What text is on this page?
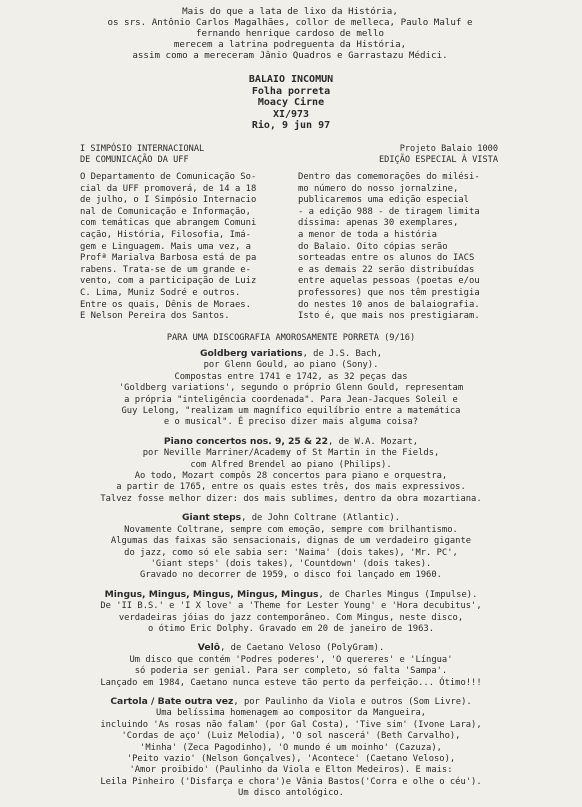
Mais do que a lata de lixo da História,
os srs. Antônio Carlos Magalhães, collor de melleca, Paulo Maluf e
fernando henrique cardoso de mello
merecem a latrina podreguenta da História,
assim como a mereceram Jânio Quadros e Garrastazu Médici.
BALAIO INCOMUN
Folha porreta
Moacy Cirne
XI/973
Rio, 9 jun 97
I SIMPÓSIO INTERNACIONAL
DE COMUNICAÇÃO DA UFF
Projeto Balaio 1000
EDIÇÃO ESPECIAL À VISTA
O Departamento de Comunicação So-
cial da UFF promoverá, de 14 a 18
de julho, o I Simpósio Internacio
nal de Comunicação e Informação,
com temáticas que abrangem Comuni
cação, História, Filosofia, Imá-
gem e Linguagem. Mais uma vez, a
Profª Marialva Barbosa está de pa
rabens. Trata-se de um grande e-
vento, com a participação de Luiz
C. Lima, Muniz Sodré e outros.
Entre os quais, Dênis de Moraes.
E Nelson Pereira dos Santos.
Dentro das comemorações do milési-
mo número do nosso jornalzine,
publicaremos uma edição especial
- a edição 988 - de tiragem limita
díssima: apenas 30 exemplares,
a menor de toda a história
do Balaio. Oito cópias serão
sorteadas entre os alunos do IACS
e as demais 22 serão distribuídas
entre aquelas pessoas (poetas e/ou
professores) que nos têm prestigia
do nestes 10 anos de balaiografia.
Isto é, que mais nos prestigiaram.
PARA UMA DISCOGRAFIA AMOROSAMENTE PORRETA (9/16)
Goldberg variations, de J.S. Bach,
por Glenn Gould, ao piano (Sony).
Compostas entre 1741 e 1742, as 32 peças das
'Goldberg variations', segundo o próprio Glenn Gould, representam
a própria "inteligência coordenada". Para Jean-Jacques Soleil e
Guy Lelong, "realizam um magnífico equilíbrio entre a matemática
e o musical". É preciso dizer mais alguma coisa?
Piano concertos nos. 9, 25 & 22, de W.A. Mozart,
por Neville Marriner/Academy of St Martin in the Fields,
com Alfred Brendel ao piano (Philips).
Ao todo, Mozart compôs 28 concertos para piano e orquestra,
a partir de 1765, entre os quais estes três, dos mais expressivos.
Talvez fosse melhor dizer: dos mais sublimes, dentro da obra mozartiana.
Giant steps, de John Coltrane (Atlantic).
Novamente Coltrane, sempre com emoção, sempre com brilhantismo.
Algumas das faixas são sensacionais, dignas de um verdadeiro gigante
do jazz, como só ele sabia ser: 'Naima' (dois takes), 'Mr. PC',
'Giant steps' (dois takes), 'Countdown' (dois takes).
Gravado no decorrer de 1959, o disco foi lançado em 1960.
Mingus, Mingus, Mingus, Mingus, Mingus, de Charles Mingus (Impulse).
De 'II B.S.' e 'I X love' a 'Theme for Lester Young' e 'Hora decubitus',
verdadeiras jóias do jazz contemporâneo. Com Mingus, neste disco,
o ótimo Eric Dolphy. Gravado em 20 de janeiro de 1963.
Velô, de Caetano Veloso (PolyGram).
Um disco que contém 'Podres poderes', 'O quereres' e 'Língua'
só poderia ser genial. Para ser completo, só falta 'Sampa'.
Lançado em 1984, Caetano nunca esteve tão perto da perfeição... Ótimo!!!
Cartola / Bate outra vez, por Paulinho da Viola e outros (Som Livre).
Uma belíssima homenagem ao compositor da Mangueira,
incluindo 'As rosas não falam' (por Gal Costa), 'Tive sim' (Ivone Lara),
'Cordas de aço' (Luiz Melodia), 'O sol nascerá' (Beth Carvalho),
'Minha' (Zeca Pagodinho), 'O mundo é um moinho' (Cazuza),
'Peito vazio' (Nelson Gonçalves), 'Acontece' (Caetano Veloso),
'Amor proibido' (Paulinho da Viola e Elton Medeiros). E mais:
Leila Pinheiro ('Disfarça e chora')e Vânia Bastos('Corra e olhe o céu').
Um disco antológico.
